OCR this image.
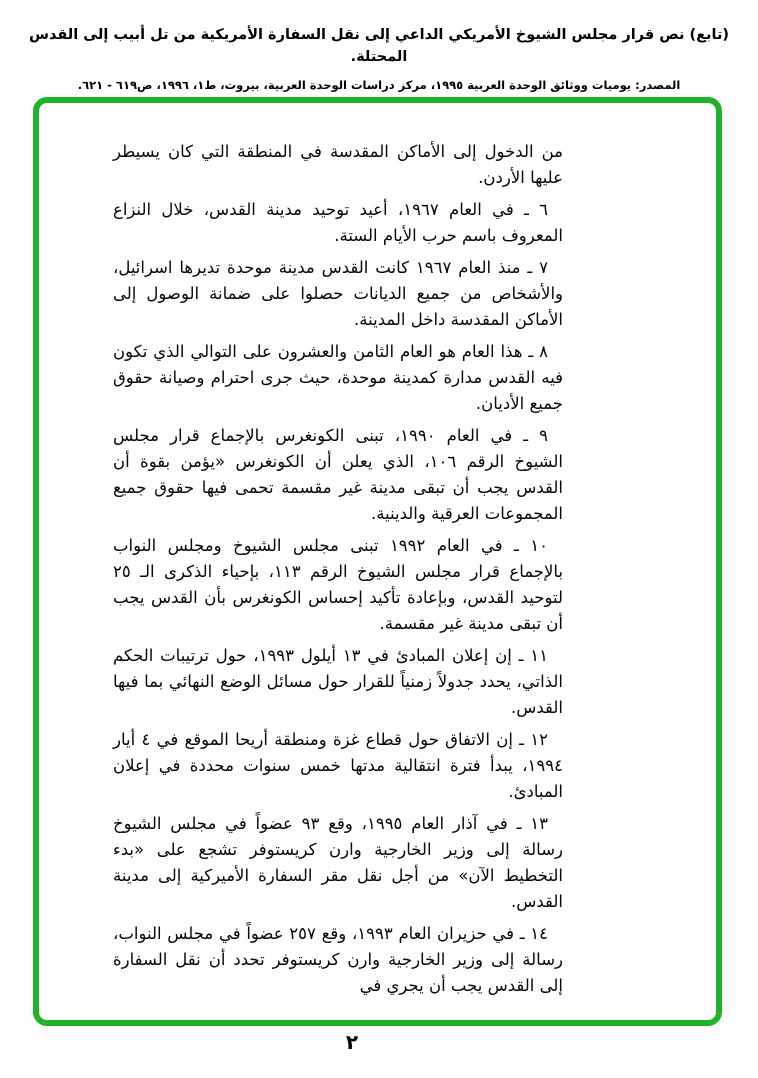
(تابع) نص قرار مجلس الشيوخ الأمريكي الداعي إلى نقل السفارة الأمريكية من تل أبيب إلى القدس المحتلة.
المصدر: يوميات ووثائق الوحدة العربية ١٩٩٥، مركز دراسات الوحدة العربية، بيروت، ط١، ١٩٩٦، ص٦١٩ - ٦٢١.

من الدخول إلى الأماكن المقدسة في المنطقة التي كان يسيطر عليها الأردن.

٦ ـ في العام ١٩٦٧، أعيد توحيد مدينة القدس، خلال النزاع المعروف باسم حرب الأيام الستة.

٧ ـ منذ العام ١٩٦٧ كانت القدس مدينة موحدة تديرها اسرائيل، والأشخاص من جميع الديانات حصلوا على ضمانة الوصول إلى الأماكن المقدسة داخل المدينة.

٨ ـ هذا العام هو العام الثامن والعشرون على التوالي الذي تكون فيه القدس مدارة كمدينة موحدة، حيث جرى احترام وصيانة حقوق جميع الأديان.

٩ ـ في العام ١٩٩٠، تبنى الكونغرس بالإجماع قرار مجلس الشيوخ الرقم ١٠٦، الذي يعلن أن الكونغرس «يؤمن بقوة أن القدس يجب أن تبقى مدينة غير مقسمة تحمى فيها حقوق جميع المجموعات العرقية والدينية.

١٠ ـ في العام ١٩٩٢ تبنى مجلس الشيوخ ومجلس النواب بالإجماع قرار مجلس الشيوخ الرقم ١١٣، بإحياء الذكرى الـ ٢٥ لتوحيد القدس، وبإعادة تأكيد إحساس الكونغرس بأن القدس يجب أن تبقى مدينة غير مقسمة.

١١ ـ إن إعلان المبادئ في ١٣ أيلول ١٩٩٣، حول ترتيبات الحكم الذاتي، يحدد جدولاً زمنياً للقرار حول مسائل الوضع النهائي بما فيها القدس.

١٢ ـ إن الاتفاق حول قطاع غزة ومنطقة أريحا الموقع في ٤ أيار ١٩٩٤، يبدأ فترة انتقالية مدتها خمس سنوات محددة في إعلان المبادئ.

١٣ ـ في آذار العام ١٩٩٥، وقع ٩٣ عضواً في مجلس الشيوخ رسالة إلى وزير الخارجية وارن كريستوفر تشجع على «بدء التخطيط الآن» من أجل نقل مقر السفارة الأميركية إلى مدينة القدس.

١٤ ـ في حزيران العام ١٩٩٣، وقع ٢٥٧ عضواً في مجلس النواب، رسالة إلى وزير الخارجية وارن كريستوفر تحدد أن نقل السفارة إلى القدس يجب أن يجري في

٢
